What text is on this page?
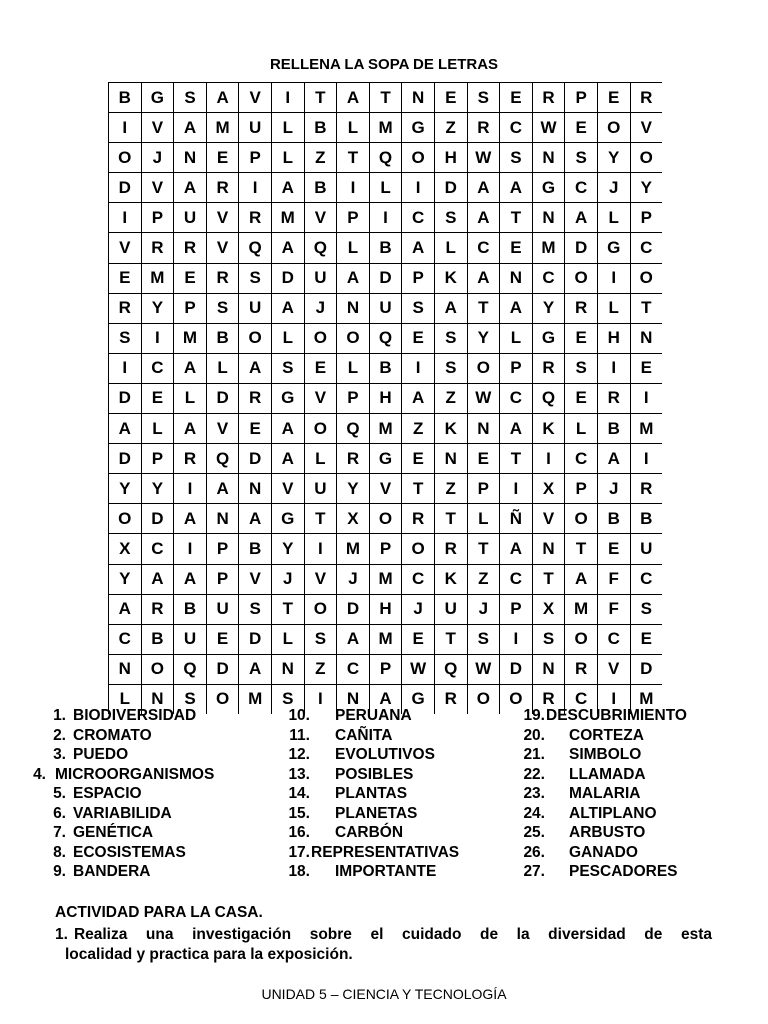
RELLENA LA SOPA DE LETRAS
B	G	S	A	V	I	T	A	T	N	E	S	E	R	P	E	R
I	V	A	M	U	L	B	L	M	G	Z	R	C	W	E	O	V
O	J	N	E	P	L	Z	T	Q	O	H	W	S	N	S	Y	O
D	V	A	R	I	A	B	I	L	I	D	A	A	G	C	J	Y
I	P	U	V	R	M	V	P	I	C	S	A	T	N	A	L	P
V	R	R	V	Q	A	Q	L	B	A	L	C	E	M	D	G	C
E	M	E	R	S	D	U	A	D	P	K	A	N	C	O	I	O
R	Y	P	S	U	A	J	N	U	S	A	T	A	Y	R	L	T
S	I	M	B	O	L	O	O	Q	E	S	Y	L	G	E	H	N
I	C	A	L	A	S	E	L	B	I	S	O	P	R	S	I	E
D	E	L	D	R	G	V	P	H	A	Z	W	C	Q	E	R	I
A	L	A	V	E	A	O	Q	M	Z	K	N	A	K	L	B	M
D	P	R	Q	D	A	L	R	G	E	N	E	T	I	C	A	I
Y	Y	I	A	N	V	U	Y	V	T	Z	P	I	X	P	J	R
O	D	A	N	A	G	T	X	O	R	T	L	Ñ	V	O	B	B
X	C	I	P	B	Y	I	M	P	O	R	T	A	N	T	E	U
Y	A	A	P	V	J	V	J	M	C	K	Z	C	T	A	F	C
A	R	B	U	S	T	O	D	H	J	U	J	P	X	M	F	S
C	B	U	E	D	L	S	A	M	E	T	S	I	S	O	C	E
N	O	Q	D	A	N	Z	C	P	W	Q	W	D	N	R	V	D
L	N	S	O	M	S	I	N	A	G	R	O	O	R	C	I	M
1. BIODIVERSIDAD
2. CROMATO
3. PUEDO
4. MICROORGANISMOS
5. ESPACIO
6. VARIABILIDA
7. GENÉTICA
8. ECOSISTEMAS
9. BANDERA
10. PERUANA
11. CAÑITA
12. EVOLUTIVOS
13. POSIBLES
14. PLANTAS
15. PLANETAS
16. CARBÓN
17.REPRESENTATIVAS
18. IMPORTANTE
19.DESCUBRIMIENTO
20. CORTEZA
21. SIMBOLO
22. LLAMADA
23. MALARIA
24. ALTIPLANO
25. ARBUSTO
26. GANADO
27. PESCADORES
ACTIVIDAD PARA LA CASA.
1. Realiza una investigación sobre el cuidado de la diversidad de esta
localidad y practica para la exposición.
UNIDAD 5 – CIENCIA Y TECNOLOGÍA
